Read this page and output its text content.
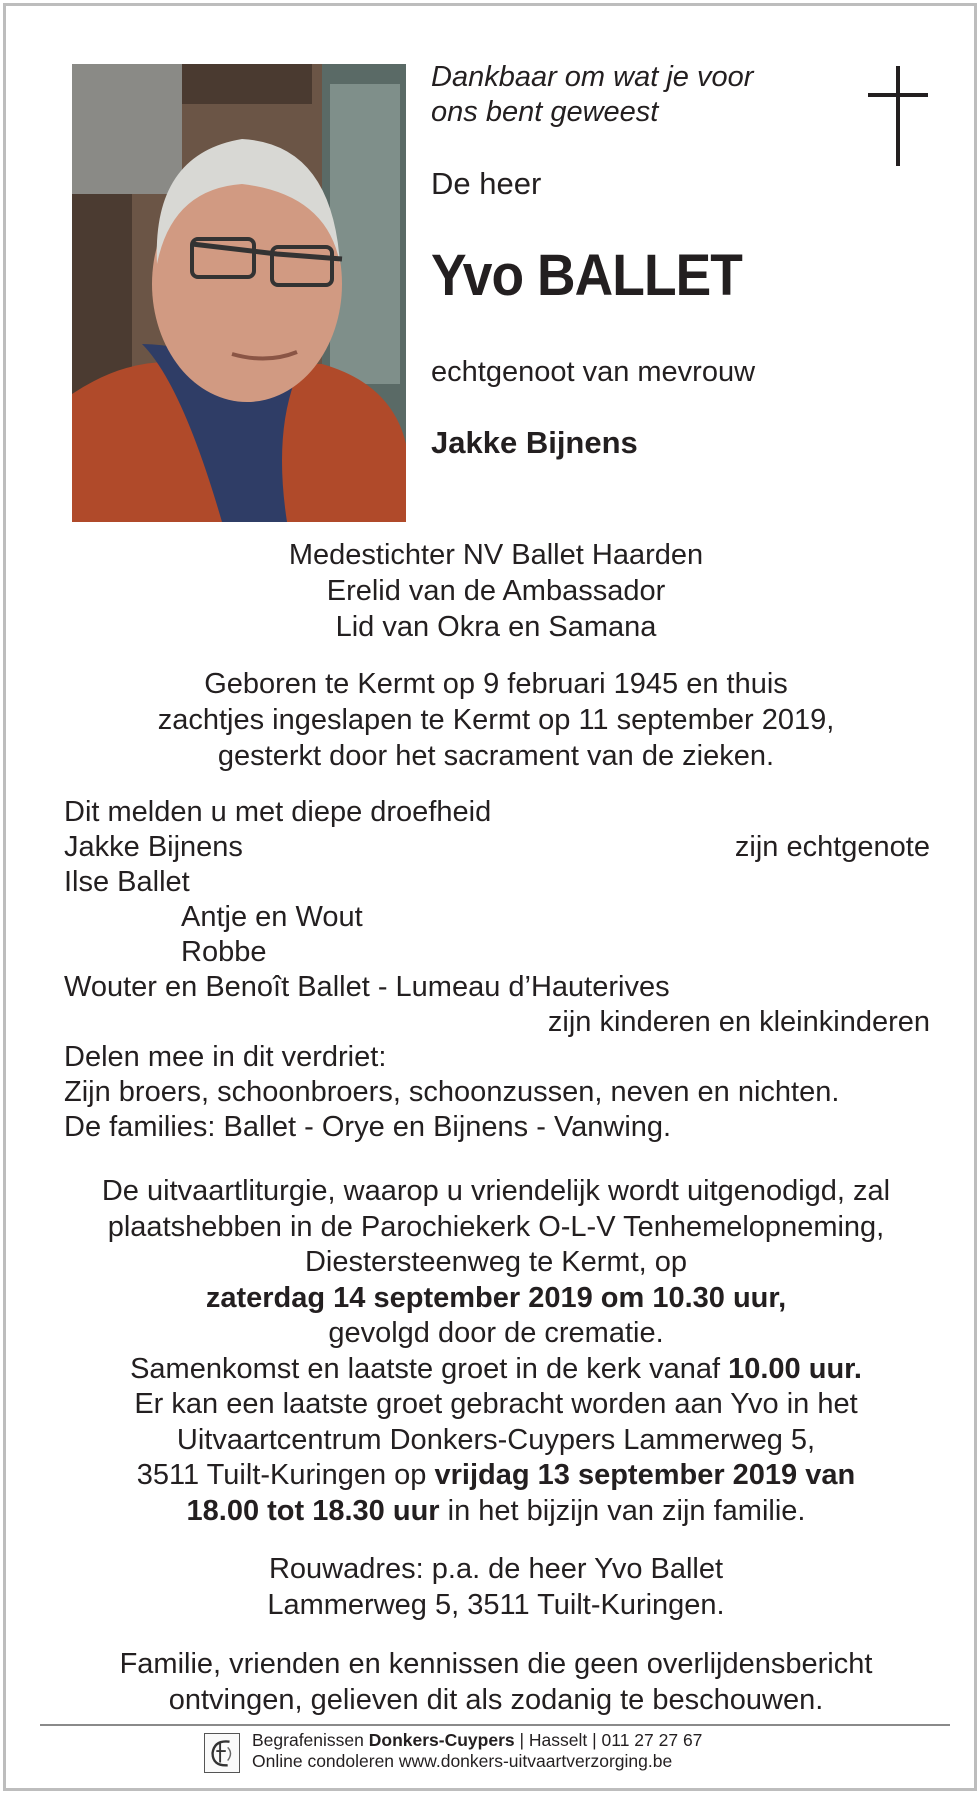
Dankbaar om wat je voor
ons bent geweest
De heer
Yvo BALLET
echtgenoot van mevrouw
Jakke Bijnens
Medestichter NV Ballet Haarden
Erelid van de Ambassador
Lid van Okra en Samana
Geboren te Kermt op 9 februari 1945 en thuis
zachtjes ingeslapen te Kermt op 11 september 2019,
gesterkt door het sacrament van de zieken.
Dit melden u met diepe droefheid
Jakke Bijnens	zijn echtgenote
Ilse Ballet
Antje en Wout
Robbe
Wouter en Benoît Ballet - Lumeau d’Hauterives
zijn kinderen en kleinkinderen
Delen mee in dit verdriet:
Zijn broers, schoonbroers, schoonzussen, neven en nichten.
De families: Ballet - Orye en Bijnens - Vanwing.
De uitvaartliturgie, waarop u vriendelijk wordt uitgenodigd, zal
plaatshebben in de Parochiekerk O-L-V Tenhemelopneming,
Diestersteenweg te Kermt, op
zaterdag 14 september 2019 om 10.30 uur,
gevolgd door de crematie.
Samenkomst en laatste groet in de kerk vanaf 10.00 uur.
Er kan een laatste groet gebracht worden aan Yvo in het
Uitvaartcentrum Donkers-Cuypers Lammerweg 5,
3511 Tuilt-Kuringen op vrijdag 13 september 2019 van
18.00 tot 18.30 uur in het bijzijn van zijn familie.
Rouwadres: p.a. de heer Yvo Ballet
Lammerweg 5, 3511 Tuilt-Kuringen.
Familie, vrienden en kennissen die geen overlijdensbericht
ontvingen, gelieven dit als zodanig te beschouwen.
Begrafenissen Donkers-Cuypers | Hasselt | 011 27 27 67
Online condoleren www.donkers-uitvaartverzorging.be
